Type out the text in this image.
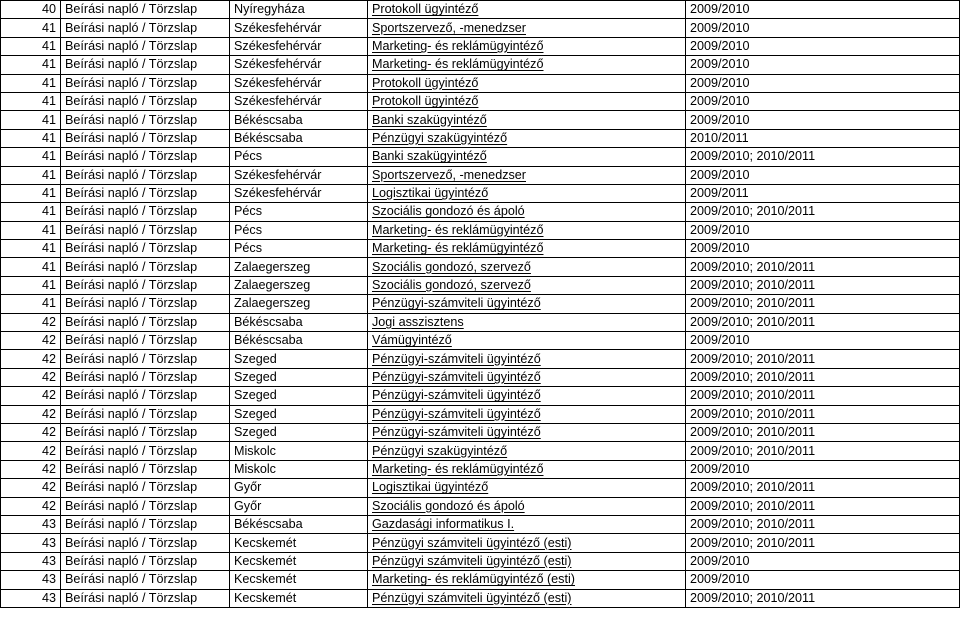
40	Beírási napló / Törzslap	Nyíregyháza	Protokoll ügyintéző	2009/2010
41	Beírási napló / Törzslap	Székesfehérvár	Sportszervező, -menedzser	2009/2010
41	Beírási napló / Törzslap	Székesfehérvár	Marketing- és reklámügyintéző	2009/2010
41	Beírási napló / Törzslap	Székesfehérvár	Marketing- és reklámügyintéző	2009/2010
41	Beírási napló / Törzslap	Székesfehérvár	Protokoll ügyintéző	2009/2010
41	Beírási napló / Törzslap	Székesfehérvár	Protokoll ügyintéző	2009/2010
41	Beírási napló / Törzslap	Békéscsaba	Banki szakügyintéző	2009/2010
41	Beírási napló / Törzslap	Békéscsaba	Pénzügyi szakügyintéző	2010/2011
41	Beírási napló / Törzslap	Pécs	Banki szakügyintéző	2009/2010; 2010/2011
41	Beírási napló / Törzslap	Székesfehérvár	Sportszervező, -menedzser	2009/2010
41	Beírási napló / Törzslap	Székesfehérvár	Logisztikai ügyintéző	2009/2011
41	Beírási napló / Törzslap	Pécs	Szociális gondozó és ápoló	2009/2010; 2010/2011
41	Beírási napló / Törzslap	Pécs	Marketing- és reklámügyintéző	2009/2010
41	Beírási napló / Törzslap	Pécs	Marketing- és reklámügyintéző	2009/2010
41	Beírási napló / Törzslap	Zalaegerszeg	Szociális gondozó, szervező	2009/2010; 2010/2011
41	Beírási napló / Törzslap	Zalaegerszeg	Szociális gondozó, szervező	2009/2010; 2010/2011
41	Beírási napló / Törzslap	Zalaegerszeg	Pénzügyi-számviteli ügyintéző	2009/2010; 2010/2011
42	Beírási napló / Törzslap	Békéscsaba	Jogi asszisztens	2009/2010; 2010/2011
42	Beírási napló / Törzslap	Békéscsaba	Vámügyintéző	2009/2010
42	Beírási napló / Törzslap	Szeged	Pénzügyi-számviteli ügyintéző	2009/2010; 2010/2011
42	Beírási napló / Törzslap	Szeged	Pénzügyi-számviteli ügyintéző	2009/2010; 2010/2011
42	Beírási napló / Törzslap	Szeged	Pénzügyi-számviteli ügyintéző	2009/2010; 2010/2011
42	Beírási napló / Törzslap	Szeged	Pénzügyi-számviteli ügyintéző	2009/2010; 2010/2011
42	Beírási napló / Törzslap	Szeged	Pénzügyi-számviteli ügyintéző	2009/2010; 2010/2011
42	Beírási napló / Törzslap	Miskolc	Pénzügyi szakügyintéző	2009/2010; 2010/2011
42	Beírási napló / Törzslap	Miskolc	Marketing- és reklámügyintéző	2009/2010
42	Beírási napló / Törzslap	Győr	Logisztikai ügyintéző	2009/2010; 2010/2011
42	Beírási napló / Törzslap	Győr	Szociális gondozó és ápoló	2009/2010; 2010/2011
43	Beírási napló / Törzslap	Békéscsaba	Gazdasági informatikus I.	2009/2010; 2010/2011
43	Beírási napló / Törzslap	Kecskemét	Pénzügyi számviteli ügyintéző (esti)	2009/2010; 2010/2011
43	Beírási napló / Törzslap	Kecskemét	Pénzügyi számviteli ügyintéző (esti)	2009/2010
43	Beírási napló / Törzslap	Kecskemét	Marketing- és reklámügyintéző (esti)	2009/2010
43	Beírási napló / Törzslap	Kecskemét	Pénzügyi számviteli ügyintéző (esti)	2009/2010; 2010/2011
